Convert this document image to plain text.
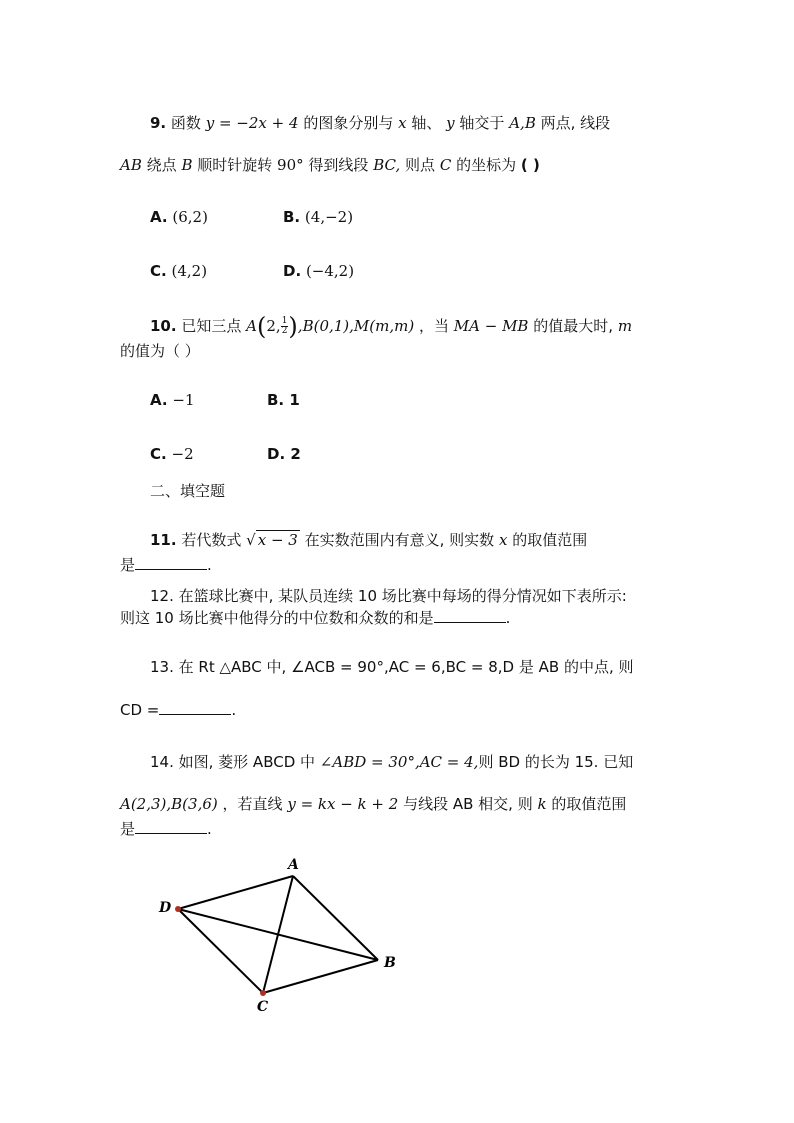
9. 函数 y = −2x + 4 的图象分别与 x 轴、 y 轴交于 A,B 两点, 线段
AB 绕点 B 顺时针旋转 90° 得到线段 BC, 则点 C 的坐标为 ( )
A. (6,2)	B. (4,−2)
C. (4,2)	D. (−4,2)
10. 已知三点 A(2, $\frac{1}{2} ),B(0,1),M(m,m)$ ，当 MA − MB 的值最大时, m
的值为（ ）
A. −1	B. 1
C. −2	D. 2
二、填空题
11. 若代数式 √ x − 3 在实数范围内有意义, 则实数 x 的取值范围
是	.
12. 在篮球比赛中, 某队员连续 10 场比赛中每场的得分情况如下表所示:
则这 10 场比赛中他得分的中位数和众数的和是	.
13. 在 Rt △ABC 中, ∠ACB = 90°,AC = 6,BC = 8,D 是 AB 的中点, 则
CD =	.
14. 如图, 菱形 ABCD 中 ∠ABD = 30°,AC = 4,则 BD 的长为 15. 已知
A(2,3),B(3,6) ，若直线 y = kx − k + 2 与线段 AB 相交, 则 k 的取值范围
是	.
A
B
C
D
